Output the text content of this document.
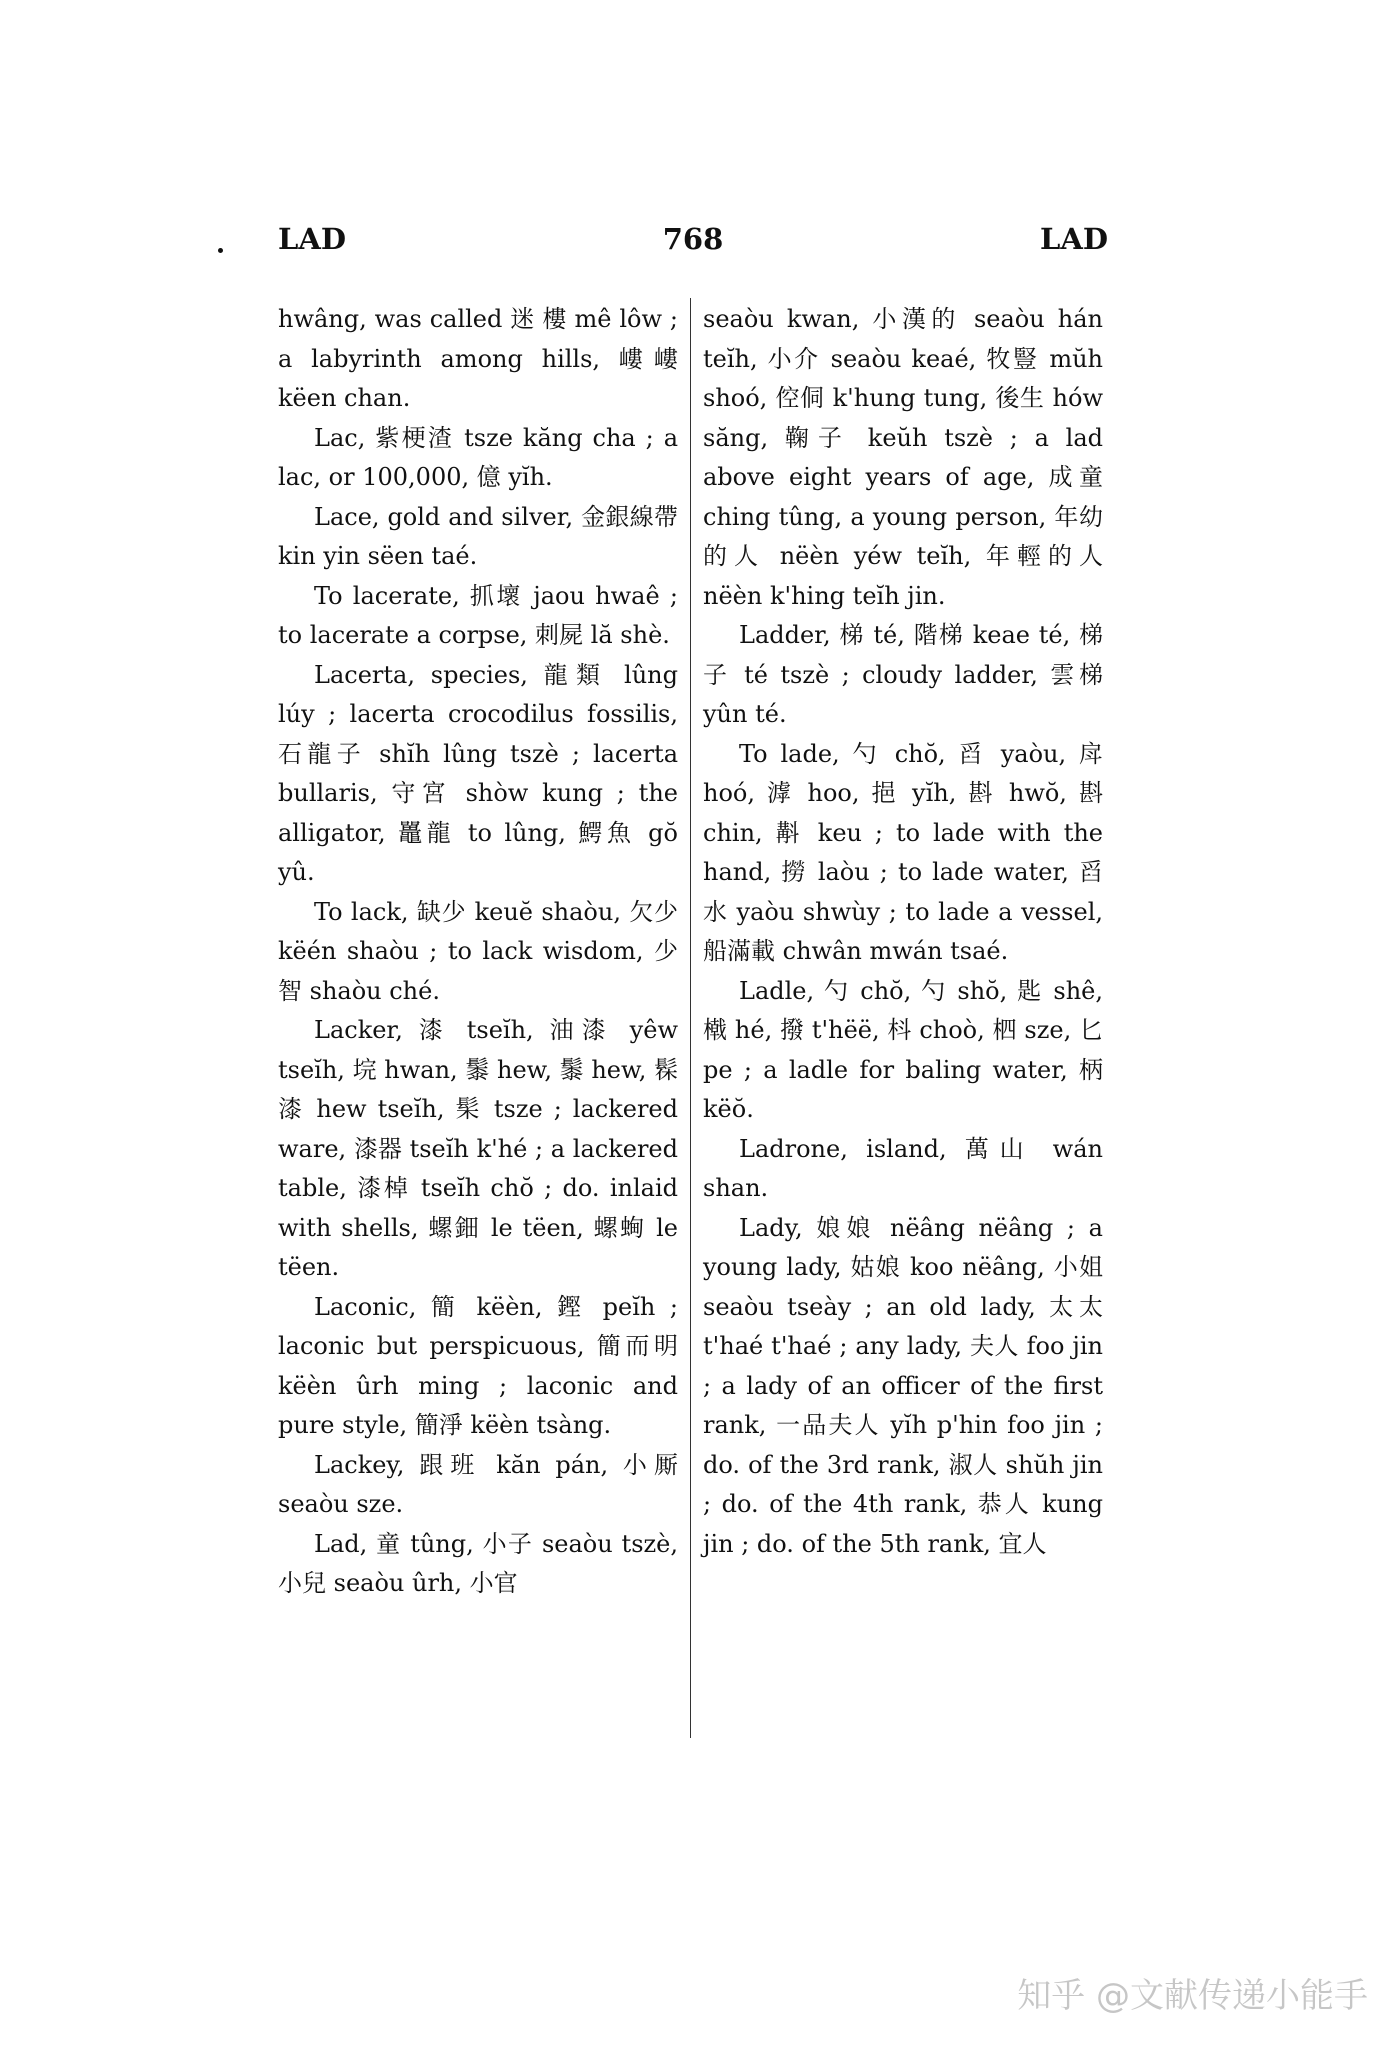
LAD	768	LAD

hwâng, was called 迷 樓 mê lôw ; a labyrinth among hills, 嶁嶁 këen chan.

Lac, 紫梗渣 tsze kăng cha ; a lac, or 100,000, 億 yĭh.

Lace, gold and silver, 金銀線帶 kin yin sëen taé.

To lacerate, 抓壞 jaou hwaê ; to lacerate a corpse, 刺屍 lă shè.

Lacerta, species, 龍類 lûng lúy ; lacerta crocodilus fossilis, 石龍子 shĭh lûng tszè ; lacerta bullaris, 守宮 shòw kung ; the alligator, 鼉龍 to lûng, 鰐魚 gŏ yû.

To lack, 缺少 keuĕ shaòu, 欠少 këén shaòu ; to lack wisdom, 少智 shaòu ché.

Lacker, 漆 tseĭh, 油漆 yêw tseĭh, 垸 hwan, 䰍 hew, 䰍 hew, 髹漆 hew tseĭh, 髤 tsze ; lackered ware, 漆器 tseĭh k'hé ; a lackered table, 漆棹 tseĭh chŏ ; do. inlaid with shells, 螺鈿 le tëen, 螺蜔 le tëen.

Laconic, 簡 këèn, 鏗 peĭh ; laconic but perspicuous, 簡而明 këèn ûrh ming ; laconic and pure style, 簡淨 këèn tsàng.

Lackey, 跟班 kăn pán, 小厮 seaòu sze.

Lad, 童 tûng, 小子 seaòu tszè, 小兒 seaòu ûrh, 小官

seaòu kwan, 小漢的 seaòu hán teĭh, 小介 seaòu keaé, 牧豎 mŭh shoó, 倥侗 k'hung tung, 後生 hów săng, 鞠子 keŭh tszè ; a lad above eight years of age, 成童 ching tûng, a young person, 年幼的人 nëèn yéw teĭh, 年輕的人 nëèn k'hing teĭh jin.

Ladder, 梯 té, 階梯 keae té, 梯子 té tszè ; cloudy ladder, 雲梯 yûn té.

To lade, 勺 chŏ, 舀 yaòu, 戽 hoó, 滹 hoo, 挹 yĭh, 斟 hwŏ, 斟 chin, 斠 keu ; to lade with the hand, 撈 laòu ; to lade water, 舀水 yaòu shwùy ; to lade a vessel, 船滿載 chwân mwán tsaé.

Ladle, 勺 chŏ, 勺 shŏ, 匙 shê, 橶 hé, 撥 t'hëë, 枓 choò, 柶 sze, 匕 pe ; a ladle for baling water, 柄 këŏ.

Ladrone, island, 萬山 wán shan.

Lady, 娘娘 nëâng nëâng ; a young lady, 姑娘 koo nëâng, 小姐 seaòu tseày ; an old lady, 太太 t'haé t'haé ; any lady, 夫人 foo jin ; a lady of an officer of the first rank, 一品夫人 yĭh p'hin foo jin ; do. of the 3rd rank, 淑人 shŭh jin ; do. of the 4th rank, 恭人 kung jin ; do. of the 5th rank, 宜人

知乎 @文献传递小能手
